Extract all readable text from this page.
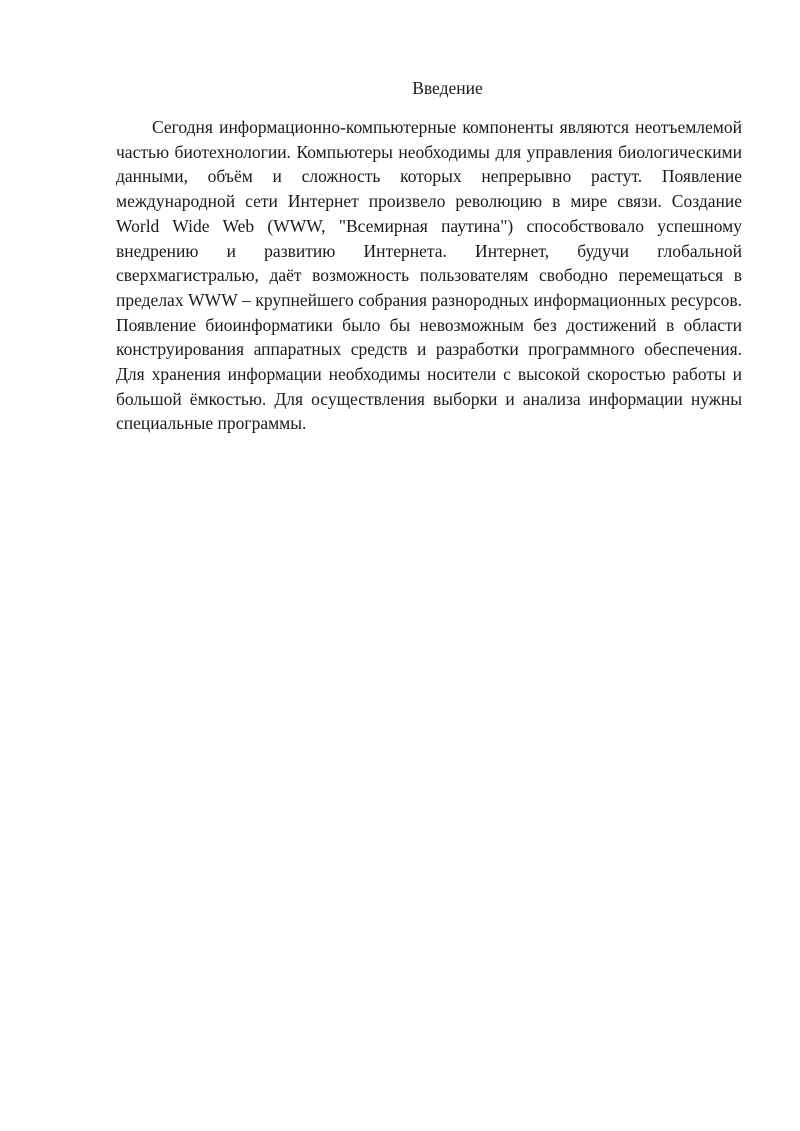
Введение

Сегодня информационно-компьютерные компоненты являются неотъемлемой частью биотехнологии. Компьютеры необходимы для управления биологическими данными, объём и сложность которых непрерывно растут. Появление международной сети Интернет произвело революцию в мире связи. Создание World Wide Web (WWW, "Всемирная паутина") способствовало успешному внедрению и развитию Интернета. Интернет, будучи глобальной сверхмагистралью, даёт возможность пользователям свободно перемещаться в пределах WWW – крупнейшего собрания разнородных информационных ресурсов. Появление биоинформатики было бы невозможным без достижений в области конструирования аппаратных средств и разработки программного обеспечения. Для хранения информации необходимы носители с высокой скоростью работы и большой ёмкостью. Для осуществления выборки и анализа информации нужны специальные программы.
